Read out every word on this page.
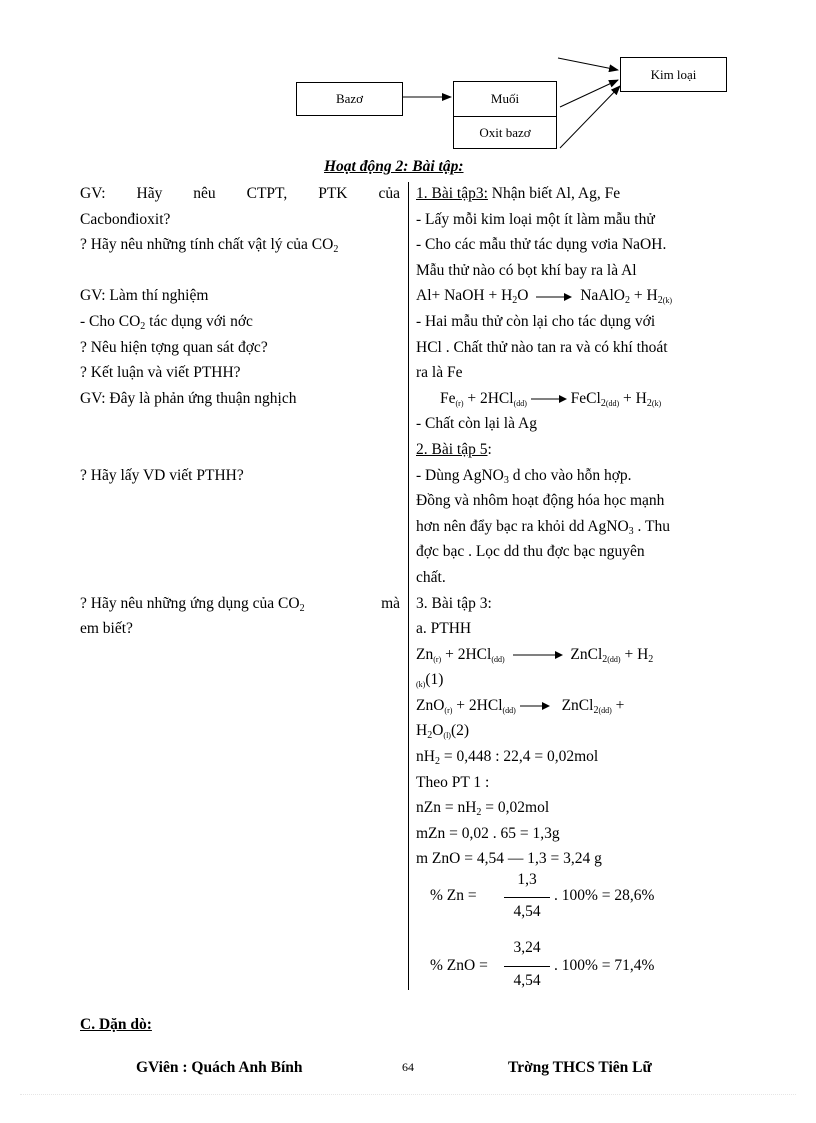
Bazơ	Muối
Oxit bazơ
Kim loại
Hoạt động 2: Bài tập:
GV: Hãy nêu CTPT, PTK của
Cacbonđioxit?
? Hãy nêu những tính chất vật lý của $CO_2$
GV: Làm thí nghiệm
- Cho $CO_2$ tác dụng với nớc
? Nêu hiện tợng quan sát đợc?
? Kết luận và viết PTHH?
GV: Đây là phản ứng thuận nghịch
? Hãy lấy VD viết PTHH?
? Hãy nêu những ứng dụng của $CO_2$	mà
em biết?
1. Bài tập3: Nhận biết Al, Ag, Fe
- Lấy mỗi kim loại một ít làm mẫu thử
- Cho các mẫu thử tác dụng vơia NaOH.
Mẫu thử nào có bọt khí bay ra là Al
Al+ NaOH + $H_2O$ → NaAlO$_2$ + $H_{2(k)}$
- Hai mẫu thử còn lại cho tác dụng với
HCl . Chất thử nào tan ra và có khí thoát
ra là Fe
$Fe_{(r)} + 2HCl_{(dd)}$ → FeCl$_{2(dd)}$ + $H_{2(k)}$
- Chất còn lại là Ag
2. Bài tập 5:
- Dùng AgNO$_3$ d cho vào hỗn hợp.
Đồng và nhôm hoạt động hóa học mạnh
hơn nên đẩy bạc ra khỏi dd AgNO$_3$ . Thu
đợc bạc . Lọc dd thu đợc bạc nguyên
chất.
3. Bài tập 3:
a. PTHH
$Zn_{(r)} + 2HCl_{(dd)}$ → ZnCl$_{2(dd)}$ + $H_2$
$_{(k)}$(1)
ZnO$_{(r)}$ + 2HCl$_{(dd)}$ → ZnCl$_{2(dd)}$ +
$H_2O_{(l)}(2)$
$nH_2 = 0,448$ : 22,4 = 0,02mol
Theo PT 1 :
nZn = $nH_2 = 0,02mol$
mZn = 0,02 . 65 = 1,3g
m ZnO = 4,54 — 1,3 = 3,24 g
% Zn =
1,3
4,54
. 100% = 28,6%
% ZnO =
3,24
4,54
. 100% = 71,4%
C. Dặn dò:
GViên : Quách Anh Bính	64	Trờng THCS Tiên Lữ
